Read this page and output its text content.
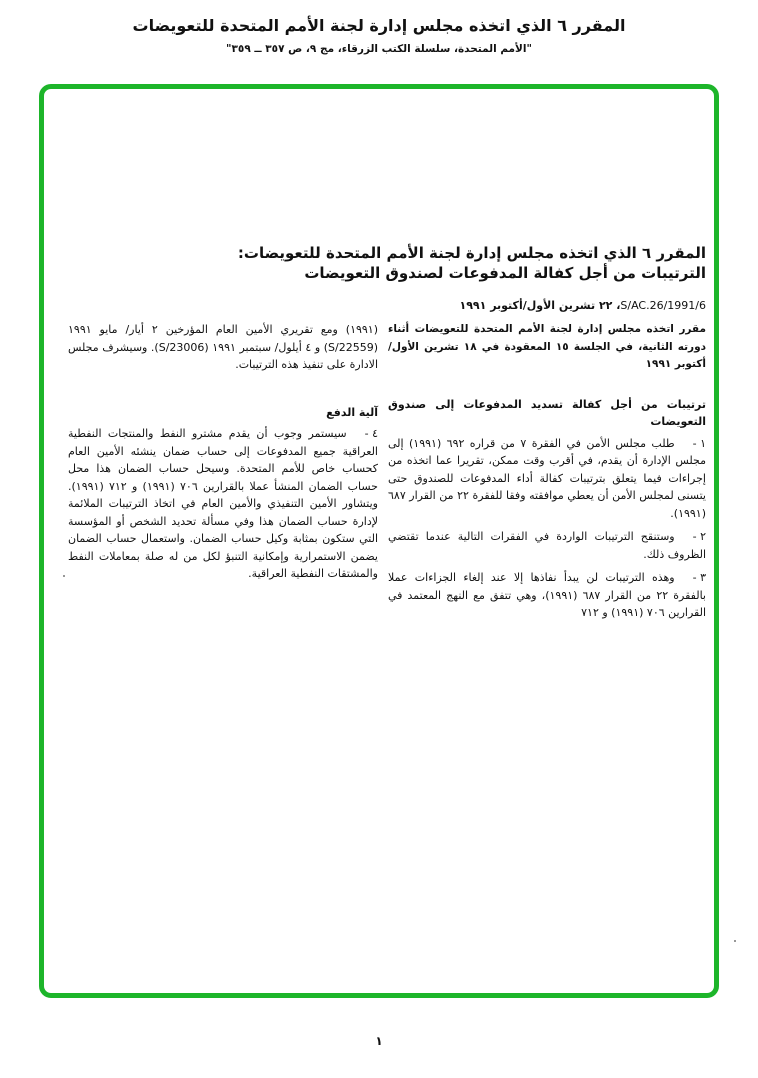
المقرر ٦ الذي اتخذه مجلس إدارة لجنة الأمم المتحدة للتعويضات
"الأمم المتحدة، سلسلة الكتب الزرقاء، مج ٩، ص ٣٥٧ ــ ٣٥٩"
المقرر ٦ الذي اتخذه مجلس إدارة لجنة الأمم المتحدة للتعويضات:
الترتيبات من أجل كفالة المدفوعات لصندوق التعويضات
S/AC.26/1991/6، ٢٢ تشرين الأول/أكتوبر ١٩٩١

مقرر اتخذه مجلس إدارة لجنة الأمم المتحدة للتعويضات أثناء دورته الثانية، في الجلسة ١٥ المعقودة في ١٨ تشرين الأول/ أكتوبر ١٩٩١

ترتيبات من أجل كفالة تسديد المدفوعات إلى صندوق التعويضات

١ -طلب مجلس الأمن في الفقرة ٧ من قراره ٦٩٢ (١٩٩١) إلى مجلس الإدارة أن يقدم، في أقرب وقت ممكن، تقريرا عما اتخذه من إجراءات فيما يتعلق بترتيبات كفالة أداء المدفوعات للصندوق حتى يتسنى لمجلس الأمن أن يعطي موافقته وفقا للفقرة ٢٢ من القرار ٦٨٧ (١٩٩١).

٢ -وستنقح الترتيبات الواردة في الفقرات التالية عندما تقتضي الظروف ذلك.

٣ -وهذه الترتيبات لن يبدأ نفاذها إلا عند إلغاء الجزاءات عملا بالفقرة ٢٢ من القرار ٦٨٧ (١٩٩١)، وهي تتفق مع النهج المعتمد في القرارين ٧٠٦ (١٩٩١) و ٧١٢

(١٩٩١) ومع تقريري الأمين العام المؤرخين ٢ أيار/ مايو ١٩٩١ (S/22559) و ٤ أيلول/ سبتمبر ١٩٩١ (S/23006). وسيشرف مجلس الادارة على تنفيذ هذه الترتيبات.

آلية الدفع

٤ -سيستمر وجوب أن يقدم مشترو النفط والمنتجات النفطية العراقية جميع المدفوعات إلى حساب ضمان ينشئه الأمين العام كحساب خاص للأمم المتحدة. وسيحل حساب الضمان هذا محل حساب الضمان المنشأ عملا بالقرارين ٧٠٦ (١٩٩١) و ٧١٢ (١٩٩١). ويتشاور الأمين التنفيذي والأمين العام في اتخاذ الترتيبات الملائمة لإدارة حساب الضمان هذا وفي مسألة تحديد الشخص أو المؤسسة التي ستكون بمثابة وكيل حساب الضمان. واستعمال حساب الضمان يضمن الاستمرارية وإمكانية التنبؤ لكل من له صلة بمعاملات النفط والمشتقات النفطية العراقية.

١
